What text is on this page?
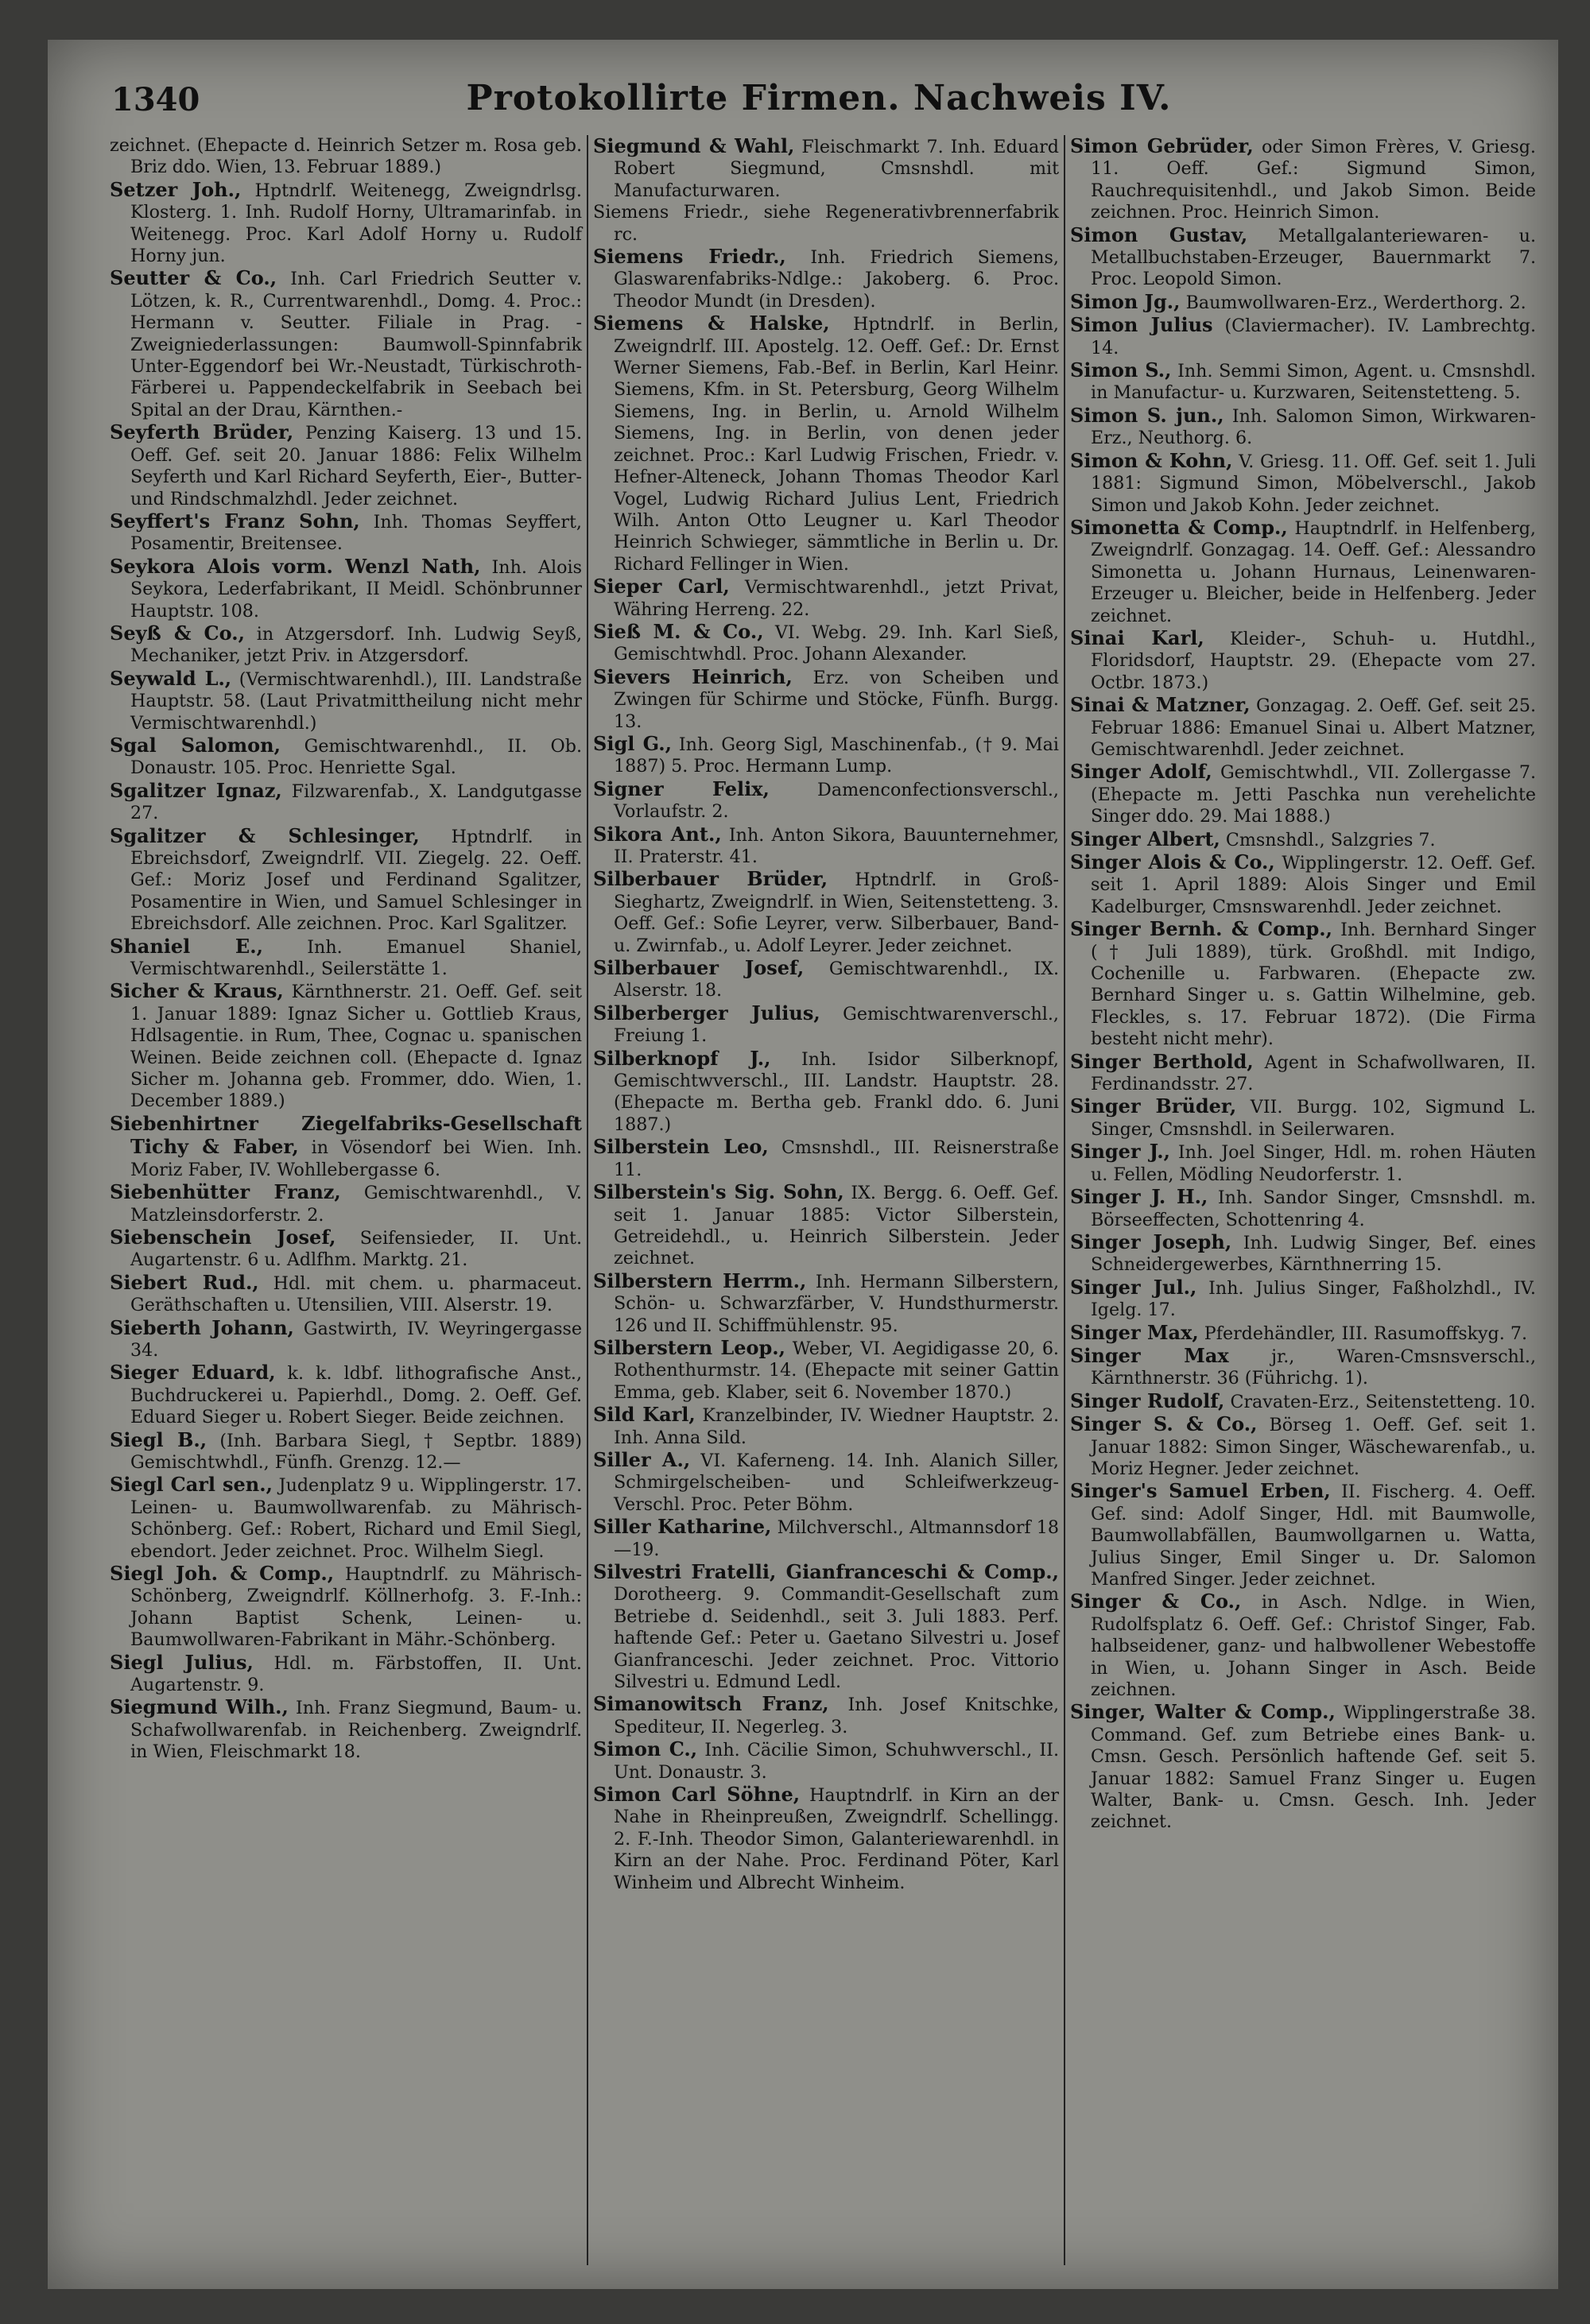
1340	Protokollirte Firmen. Nachweis IV.

zeichnet. (Ehepacte d. Heinrich Setzer m. Rosa geb. Briz ddo. Wien, 13. Februar 1889.)

Setzer Joh., Hptndrlf. Weitenegg, Zweigndrlsg. Klosterg. 1. Inh. Rudolf Horny, Ultramarinfab. in Weitenegg. Proc. Karl Adolf Horny u. Rudolf Horny jun.

Seutter & Co., Inh. Carl Friedrich Seutter v. Lötzen, k. R., Currentwarenhdl., Domg. 4. Proc.: Hermann v. Seutter. Filiale in Prag. -Zweigniederlassungen: Baumwoll-Spinnfabrik Unter-Eggendorf bei Wr.-Neustadt, Türkischroth-Färberei u. Pappendeckelfabrik in Seebach bei Spital an der Drau, Kärnthen.-

Seyferth Brüder, Penzing Kaiserg. 13 und 15. Oeff. Gef. seit 20. Januar 1886: Felix Wilhelm Seyferth und Karl Richard Seyferth, Eier-, Butter- und Rindschmalzhdl. Jeder zeichnet.

Seyffert's Franz Sohn, Inh. Thomas Seyffert, Posamentir, Breitensee.

Seykora Alois vorm. Wenzl Nath, Inh. Alois Seykora, Lederfabrikant, II Meidl. Schönbrunner Hauptstr. 108.

Seyß & Co., in Atzgersdorf. Inh. Ludwig Seyß, Mechaniker, jetzt Priv. in Atzgersdorf.

Seywald L., (Vermischtwarenhdl.), III. Landstraße Hauptstr. 58. (Laut Privatmittheilung nicht mehr Vermischtwarenhdl.)

Sgal Salomon, Gemischtwarenhdl., II. Ob. Donaustr. 105. Proc. Henriette Sgal.

Sgalitzer Ignaz, Filzwarenfab., X. Landgutgasse 27.

Sgalitzer & Schlesinger, Hptndrlf. in Ebreichsdorf, Zweigndrlf. VII. Ziegelg. 22. Oeff. Gef.: Moriz Josef und Ferdinand Sgalitzer, Posamentire in Wien, und Samuel Schlesinger in Ebreichsdorf. Alle zeichnen. Proc. Karl Sgalitzer.

Shaniel E., Inh. Emanuel Shaniel, Vermischtwarenhdl., Seilerstätte 1.

Sicher & Kraus, Kärnthnerstr. 21. Oeff. Gef. seit 1. Januar 1889: Ignaz Sicher u. Gottlieb Kraus, Hdlsagentie. in Rum, Thee, Cognac u. spanischen Weinen. Beide zeichnen coll. (Ehepacte d. Ignaz Sicher m. Johanna geb. Frommer, ddo. Wien, 1. December 1889.)

Siebenhirtner Ziegelfabriks-Gesellschaft Tichy & Faber, in Vösendorf bei Wien. Inh. Moriz Faber, IV. Wohllebergasse 6.

Siebenhütter Franz, Gemischtwarenhdl., V. Matzleinsdorferstr. 2.

Siebenschein Josef, Seifensieder, II. Unt. Augartenstr. 6 u. Adlfhm. Marktg. 21.

Siebert Rud., Hdl. mit chem. u. pharmaceut. Geräthschaften u. Utensilien, VIII. Alserstr. 19.

Sieberth Johann, Gastwirth, IV. Weyringergasse 34.

Sieger Eduard, k. k. ldbf. lithografische Anst., Buchdruckerei u. Papierhdl., Domg. 2. Oeff. Gef. Eduard Sieger u. Robert Sieger. Beide zeichnen.

Siegl B., (Inh. Barbara Siegl, † Septbr. 1889) Gemischtwhdl., Fünfh. Grenzg. 12.—

Siegl Carl sen., Judenplatz 9 u. Wipplingerstr. 17. Leinen- u. Baumwollwarenfab. zu Mährisch-Schönberg. Gef.: Robert, Richard und Emil Siegl, ebendort. Jeder zeichnet. Proc. Wilhelm Siegl.

Siegl Joh. & Comp., Hauptndrlf. zu Mährisch-Schönberg, Zweigndrlf. Köllnerhofg. 3. F.-Inh.: Johann Baptist Schenk, Leinen- u. Baumwollwaren-Fabrikant in Mähr.-Schönberg.

Siegl Julius, Hdl. m. Färbstoffen, II. Unt. Augartenstr. 9.

Siegmund Wilh., Inh. Franz Siegmund, Baum- u. Schafwollwarenfab. in Reichenberg. Zweigndrlf. in Wien, Fleischmarkt 18.

Siegmund & Wahl, Fleischmarkt 7. Inh. Eduard Robert Siegmund, Cmsnshdl. mit Manufacturwaren.

Siemens Friedr., siehe Regenerativbrennerfabrik rc.

Siemens Friedr., Inh. Friedrich Siemens, Glaswarenfabriks-Ndlge.: Jakoberg. 6. Proc. Theodor Mundt (in Dresden).

Siemens & Halske, Hptndrlf. in Berlin, Zweigndrlf. III. Apostelg. 12. Oeff. Gef.: Dr. Ernst Werner Siemens, Fab.-Bef. in Berlin, Karl Heinr. Siemens, Kfm. in St. Petersburg, Georg Wilhelm Siemens, Ing. in Berlin, u. Arnold Wilhelm Siemens, Ing. in Berlin, von denen jeder zeichnet. Proc.: Karl Ludwig Frischen, Friedr. v. Hefner-Alteneck, Johann Thomas Theodor Karl Vogel, Ludwig Richard Julius Lent, Friedrich Wilh. Anton Otto Leugner u. Karl Theodor Heinrich Schwieger, sämmtliche in Berlin u. Dr. Richard Fellinger in Wien.

Sieper Carl, Vermischtwarenhdl., jetzt Privat, Währing Herreng. 22.

Sieß M. & Co., VI. Webg. 29. Inh. Karl Sieß, Gemischtwhdl. Proc. Johann Alexander.

Sievers Heinrich, Erz. von Scheiben und Zwingen für Schirme und Stöcke, Fünfh. Burgg. 13.

Sigl G., Inh. Georg Sigl, Maschinenfab., († 9. Mai 1887) 5. Proc. Hermann Lump.

Signer Felix,	Damenconfectionsverschl., Vorlaufstr. 2.

Sikora Ant., Inh. Anton Sikora, Bauunternehmer, II. Praterstr. 41.

Silberbauer Brüder, Hptndrlf. in Groß-Sieghartz, Zweigndrlf. in Wien, Seitenstetteng. 3. Oeff. Gef.: Sofie Leyrer, verw. Silberbauer, Band- u. Zwirnfab., u. Adolf Leyrer. Jeder zeichnet.

Silberbauer Josef, Gemischtwarenhdl., IX. Alserstr. 18.

Silberberger Julius, Gemischtwarenverschl., Freiung 1.

Silberknopf J., Inh. Isidor Silberknopf, Gemischtwverschl., III. Landstr. Hauptstr. 28. (Ehepacte m. Bertha geb. Frankl ddo. 6. Juni 1887.)

Silberstein Leo, Cmsnshdl., III. Reisnerstraße 11.

Silberstein's Sig. Sohn, IX. Bergg. 6. Oeff. Gef. seit 1. Januar 1885: Victor Silberstein, Getreidehdl., u. Heinrich Silberstein. Jeder zeichnet.

Silberstern Herrm., Inh. Hermann Silberstern, Schön- u. Schwarzfärber, V. Hundsthurmerstr. 126 und II. Schiffmühlenstr. 95.

Silberstern Leop., Weber, VI. Aegidigasse 20, 6. Rothenthurmstr. 14. (Ehepacte mit seiner Gattin Emma, geb. Klaber, seit 6. November 1870.)

Sild Karl, Kranzelbinder, IV. Wiedner Hauptstr. 2. Inh. Anna Sild.

Siller A., VI. Kaferneng. 14. Inh. Alanich Siller, Schmirgelscheiben- und Schleifwerkzeug-Verschl. Proc. Peter Böhm.

Siller Katharine, Milchverschl., Altmannsdorf 18—19.

Silvestri Fratelli, Gianfranceschi & Comp., Dorotheerg. 9. Commandit-Gesellschaft zum Betriebe d. Seidenhdl., seit 3. Juli 1883. Perf. haftende Gef.: Peter u. Gaetano Silvestri u. Josef Gianfranceschi. Jeder zeichnet. Proc. Vittorio Silvestri u. Edmund Ledl.

Simanowitsch Franz, Inh. Josef Knitschke, Spediteur, II. Negerleg. 3.

Simon C., Inh. Cäcilie Simon, Schuhwverschl., II. Unt. Donaustr. 3.

Simon Carl Söhne, Hauptndrlf. in Kirn an der Nahe in Rheinpreußen, Zweigndrlf. Schellingg. 2. F.-Inh. Theodor Simon, Galanteriewarenhdl. in Kirn an der Nahe. Proc. Ferdinand Pöter, Karl Winheim und Albrecht Winheim.

Simon Gebrüder, oder Simon Frères, V. Griesg. 11. Oeff. Gef.: Sigmund Simon, Rauchrequisitenhdl., und Jakob Simon. Beide zeichnen. Proc. Heinrich Simon.

Simon Gustav, Metallgalanteriewaren- u. Metallbuchstaben-Erzeuger, Bauernmarkt 7. Proc. Leopold Simon.

Simon Jg., Baumwollwaren-Erz., Werderthorg. 2.

Simon Julius (Claviermacher). IV. Lambrechtg. 14.

Simon S., Inh. Semmi Simon, Agent. u. Cmsnshdl. in Manufactur- u. Kurzwaren, Seitenstetteng. 5.

Simon S. jun., Inh. Salomon Simon, Wirkwaren-Erz., Neuthorg. 6.

Simon & Kohn, V. Griesg. 11. Off. Gef. seit 1. Juli 1881: Sigmund Simon, Möbelverschl., Jakob Simon und Jakob Kohn. Jeder zeichnet.

Simonetta & Comp., Hauptndrlf. in Helfenberg, Zweigndrlf. Gonzagag. 14. Oeff. Gef.: Alessandro Simonetta u. Johann Hurnaus, Leinenwaren-Erzeuger u. Bleicher, beide in Helfenberg. Jeder zeichnet.

Sinai Karl, Kleider-, Schuh- u. Hutdhl., Floridsdorf, Hauptstr. 29. (Ehepacte vom 27. Octbr. 1873.)

Sinai & Matzner, Gonzagag. 2. Oeff. Gef. seit 25. Februar 1886: Emanuel Sinai u. Albert Matzner, Gemischtwarenhdl. Jeder zeichnet.

Singer Adolf, Gemischtwhdl., VII. Zollergasse 7. (Ehepacte m. Jetti Paschka nun verehelichte Singer ddo. 29. Mai 1888.)

Singer Albert, Cmsnshdl., Salzgries 7.

Singer Alois & Co., Wipplingerstr. 12. Oeff. Gef. seit 1. April 1889: Alois Singer und Emil Kadelburger, Cmsnswarenhdl. Jeder zeichnet.

Singer Bernh. & Comp., Inh. Bernhard Singer († Juli 1889), türk. Großhdl. mit Indigo, Cochenille u. Farbwaren. (Ehepacte zw. Bernhard Singer u. s. Gattin Wilhelmine, geb. Fleckles, s. 17. Februar 1872). (Die Firma besteht nicht mehr).

Singer Berthold, Agent in Schafwollwaren, II. Ferdinandsstr. 27.

Singer Brüder, VII. Burgg. 102, Sigmund L. Singer, Cmsnshdl. in Seilerwaren.

Singer J., Inh. Joel Singer, Hdl. m. rohen Häuten u. Fellen, Mödling Neudorferstr. 1.

Singer J. H., Inh. Sandor Singer, Cmsnshdl. m. Börseeffecten, Schottenring 4.

Singer Joseph, Inh. Ludwig Singer, Bef. eines Schneidergewerbes, Kärnthnerring 15.

Singer Jul., Inh. Julius Singer, Faßholzhdl., IV. Igelg. 17.

Singer Max, Pferdehändler, III. Rasumoffskyg. 7.

Singer Max jr., Waren-Cmsnsverschl., Kärnthnerstr. 36 (Führichg. 1).

Singer Rudolf, Cravaten-Erz., Seitenstetteng. 10.

Singer S. & Co., Börseg 1. Oeff. Gef. seit 1. Januar 1882: Simon Singer, Wäschewarenfab., u. Moriz Hegner. Jeder zeichnet.

Singer's Samuel Erben, II. Fischerg. 4. Oeff. Gef. sind: Adolf Singer, Hdl. mit Baumwolle, Baumwollabfällen, Baumwollgarnen u. Watta, Julius Singer, Emil Singer u. Dr. Salomon Manfred Singer. Jeder zeichnet.

Singer & Co., in Asch. Ndlge. in Wien, Rudolfsplatz 6. Oeff. Gef.: Christof Singer, Fab. halbseidener, ganz- und halbwollener Webestoffe in Wien, u. Johann Singer in Asch. Beide zeichnen.

Singer, Walter & Comp., Wipplingerstraße 38. Command. Gef. zum Betriebe eines Bank- u. Cmsn. Gesch. Persönlich haftende Gef. seit 5. Januar 1882: Samuel Franz Singer u. Eugen Walter, Bank- u. Cmsn. Gesch. Inh. Jeder zeichnet.
